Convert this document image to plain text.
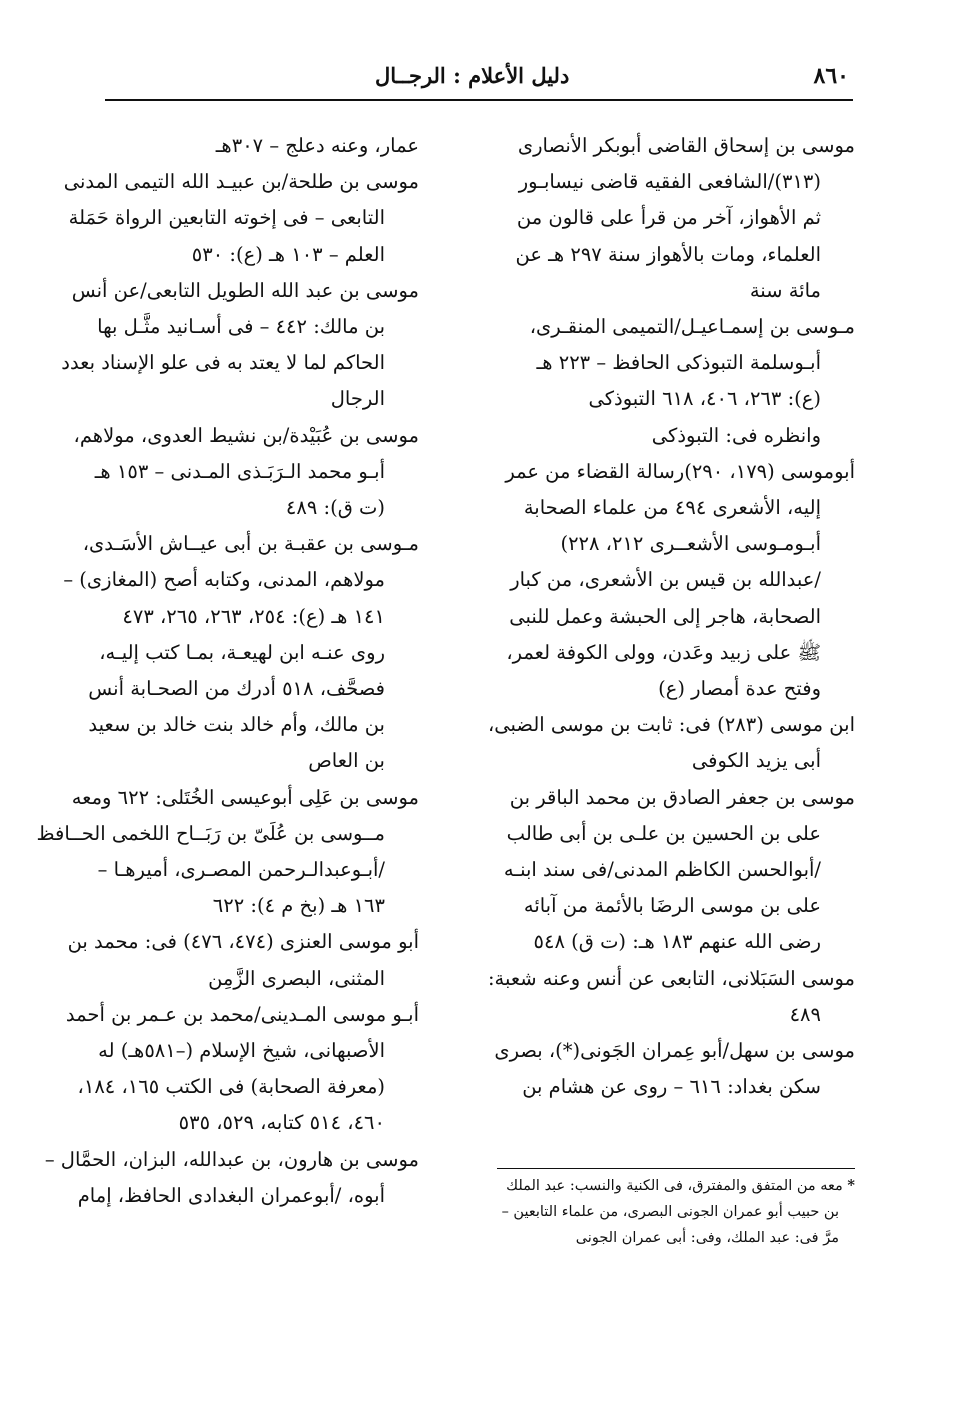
٨٦٠
دليل الأعلام : الرجــال
موسى بن إسحاق القاضى أبوبكر الأنصارى
(٣١٣)/الشافعى الفقيه قاضى نيسابـور
ثم الأهواز، آخر من قرأ على قالون من
العلماء، ومات بالأهواز سنة ٢٩٧ هـ عن
مائة سنة
مـوسى بن إسمـاعيـل/التميمى المنقـرى،
أبـوسلمة التبوذكى الحافظ – ٢٢٣ هـ
(ع): ٢٦٣، ٤٠٦، ٦١٨ التبوذكى
وانظره فى: التبوذكى
أبوموسى (١٧٩، ٢٩٠)رسالة القضاء من عمر
إليه، الأشعرى ٤٩٤ من علماء الصحابة
أبـومـوسى الأشعــرى ٢١٢، ٢٢٨)
/عبدالله بن قيس بن الأشعرى، من كبار
الصحابة، هاجر إلى الحبشة وعمل للنبى
ﷺ على زبيد وعَدن، وولى الكوفة لعمر،
وفتح عدة أمصار (ع)
ابن موسى (٢٨٣) فى: ثابت بن موسى الضبى،
أبى يزيد الكوفى
موسى بن جعفر الصادق بن محمد الباقر بن
على بن الحسين بن علـى بن أبى طالب
/أبوالحسن الكاظم المدنى/فى سند ابنـه
على بن موسى الرضَا بالأئمة من آبائه
رضى الله عنهم ١٨٣ هـ: (ت ق) ٥٤٨
موسى السَبَلانى، التابعى عن أنس وعنه شعبة:
٤٨٩
موسى بن سهل/أبو عِمران الجَونى(*)، بصرى
سكن بغداد: ٦١٦ – روى عن هشام بن
عمار، وعنه دعلج – ٣٠٧هـ
موسى بن طلحة/بن عبيـد الله التيمى المدنى
التابعى – فى إخوته التابعين الرواة حَمَلة
العلم – ١٠٣ هـ (ع): ٥٣٠
موسى بن عبد الله الطويل التابعى/عن أنس
بن مالك: ٤٤٢ – فى أسـانيد مثَّـل بها
الحاكم لما لا يعتد به فى علو الإسناد بعدد
الرجال
موسى بن عُبَيْدة/بن نشيط العدوى، مولاهم،
أبـو محمد الـرَبَـذى المـدنى – ١٥٣ هـ
(ت ق): ٤٨٩
مـوسى بن عقبـة بن أبى عيــاش الأسَـدى،
مولاهم، المدنى، وكتابه أصح (المغازى) –
١٤١ هـ (ع): ٢٥٤، ٢٦٣، ٢٦٥، ٤٧٣
روى عنـه ابن لهيعـة، بمـا كتب إليـه،
فصحَّف، ٥١٨ أدرك من الصحـابة أنس
بن مالك، وأم خالد بنت خالد بن سعيد
بن العاص
موسى بن عَلِى أبوعيسى الخُتَلى: ٦٢٢ ومعه
مــوسى بن عُلَىّ بن رَبَــاح اللخمى الحــافظ
/أبـوعبدالـرحمن المصـرى، أميرهـا –
١٦٣ هـ (بخ م ٤): ٦٢٢
أبو موسى العنزى (٤٧٤، ٤٧٦) فى: محمد بن
المثنى، البصرى الزَّمِن
أبـو موسى المـدينى/محمد بن عـمر بن أحمد
الأصبهانى، شيخ الإسلام (–٥٨١هـ) له
(معرفة الصحابة) فى الكتب ١٦٥، ١٨٤،
٤٦٠، ٥١٤ كتابه، ٥٢٩، ٥٣٥
موسى بن هارون، بن عبدالله، البزان، الحمَّال –
أبوه، /أبوعمران البغدادى الحافظ، إمام	* معه من المتفق والمفترق، فى الكنية والنسب: عبد الملك
بن حبيب أبو عمران الجونى البصرى، من علماء التابعين –
مرَّ فى: عبد الملك، وفى: أبى عمران الجونى
